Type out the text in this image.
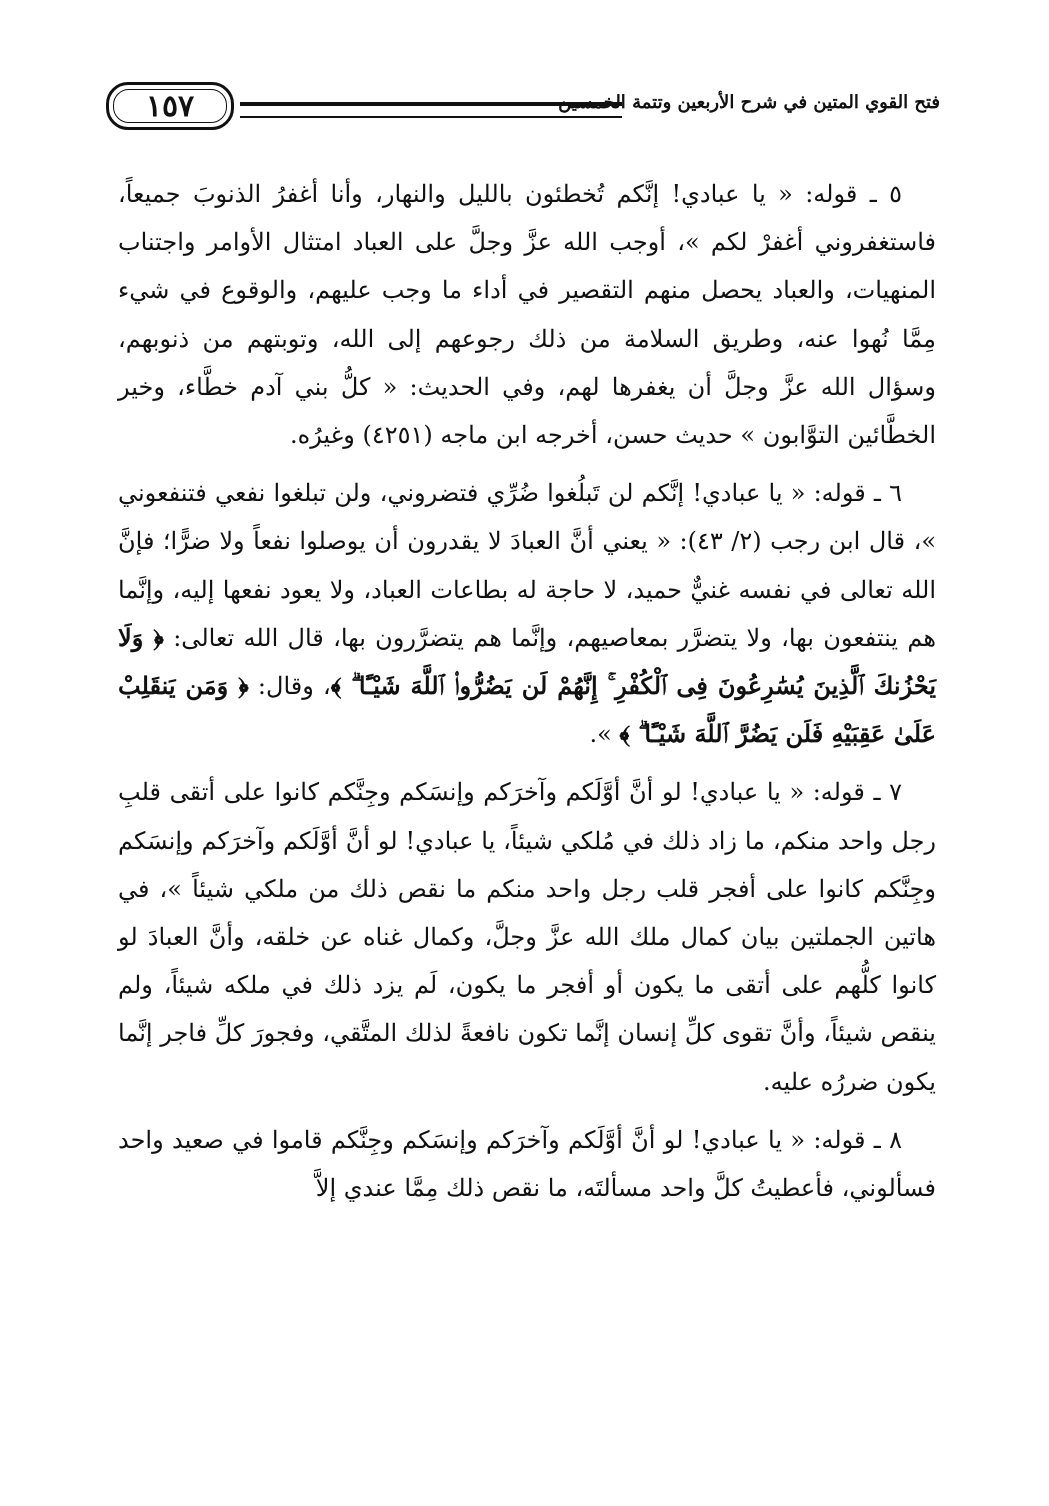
فتح القوي المتين في شرح الأربعين وتتمة الخمسين
١٥٧

٥ ـ قوله: « يا عبادي! إنَّكم تُخطئون بالليل والنهار، وأنا أغفرُ الذنوبَ جميعاً، فاستغفروني أغفرْ لكم »، أوجب الله عزَّ وجلَّ على العباد امتثال الأوامر واجتناب المنهيات، والعباد يحصل منهم التقصير في أداء ما وجب عليهم، والوقوع في شيء مِمَّا نُهوا عنه، وطريق السلامة من ذلك رجوعهم إلى الله، وتوبتهم من ذنوبهم، وسؤال الله عزَّ وجلَّ أن يغفرها لهم، وفي الحديث: « كلُّ بني آدم خطَّاء، وخير الخطَّائين التوَّابون » حديث حسن، أخرجه ابن ماجه (٤٢٥١) وغيرُه.

٦ ـ قوله: « يا عبادي! إنَّكم لن تَبلُغوا ضُرِّي فتضروني، ولن تبلغوا نفعي فتنفعوني »، قال ابن رجب (٢/ ٤٣): « يعني أنَّ العبادَ لا يقدرون أن يوصلوا نفعاً ولا ضرًّا؛ فإنَّ الله تعالى في نفسه غنيٌّ حميد، لا حاجة له بطاعات العباد، ولا يعود نفعها إليه، وإنَّما هم ينتفعون بها، ولا يتضرَّر بمعاصيهم، وإنَّما هم يتضرَّرون بها، قال الله تعالى: ﴿ وَلَا يَحْزُنكَ ٱلَّذِينَ يُسَٰرِعُونَ فِى ٱلْكُفْرِ ۚ إِنَّهُمْ لَن يَضُرُّوا۟ ٱللَّهَ شَيْـًٔا ۗ ﴾، وقال: ﴿ وَمَن يَنقَلِبْ عَلَىٰ عَقِبَيْهِ فَلَن يَضُرَّ ٱللَّهَ شَيْـًٔا ۗ ﴾ ».

٧ ـ قوله: « يا عبادي! لو أنَّ أوَّلَكم وآخرَكم وإنسَكم وجِنَّكم كانوا على أتقى قلبِ رجل واحد منكم، ما زاد ذلك في مُلكي شيئاً، يا عبادي! لو أنَّ أوَّلَكم وآخرَكم وإنسَكم وجِنَّكم كانوا على أفجر قلب رجل واحد منكم ما نقص ذلك من ملكي شيئاً »، في هاتين الجملتين بيان كمال ملك الله عزَّ وجلَّ، وكمال غناه عن خلقه، وأنَّ العبادَ لو كانوا كلُّهم على أتقى ما يكون أو أفجر ما يكون، لَم يزد ذلك في ملكه شيئاً، ولم ينقص شيئاً، وأنَّ تقوى كلِّ إنسان إنَّما تكون نافعةً لذلك المتَّقي، وفجورَ كلِّ فاجر إنَّما يكون ضررُه عليه.

٨ ـ قوله: « يا عبادي! لو أنَّ أوَّلَكم وآخرَكم وإنسَكم وجِنَّكم قاموا في صعيد واحد فسألوني، فأعطيتُ كلَّ واحد مسألتَه، ما نقص ذلك مِمَّا عندي إلاَّ
